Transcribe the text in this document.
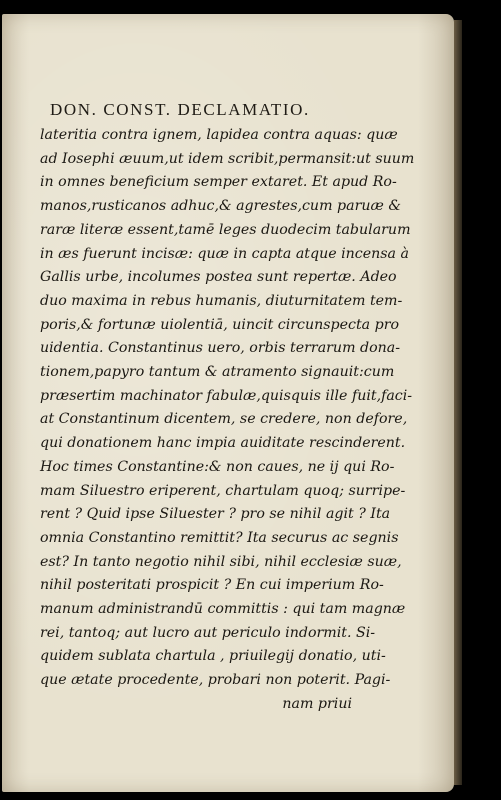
DON. CONST. DECLAMATIO.
lateritia contra ignem, lapidea contra aquas: quæ
ad Iosephi æuum,ut idem scribit,permansit:ut suum
in omnes beneficium semper extaret. Et apud Ro-
manos,rusticanos adhuc,& agrestes,cum paruæ &
raræ literæ essent,tamē leges duodecim tabularum
in æs fuerunt incisæ: quæ in capta atque incensa à
Gallis urbe, incolumes postea sunt repertæ. Adeo
duo maxima in rebus humanis, diuturnitatem tem-
poris,& fortunæ uiolentiā, uincit circunspecta pro
uidentia. Constantinus uero, orbis terrarum dona-
tionem,papyro tantum & atramento signauit:cum
præsertim machinator fabulæ,quisquis ille fuit,faci-
at Constantinum dicentem, se credere, non defore,
qui donationem hanc impia auiditate rescinderent.
Hoc times Constantine:& non caues, ne ij qui Ro-
mam Siluestro eriperent, chartulam quoq; surripe-
rent ? Quid ipse Siluester ? pro se nihil agit ? Ita
omnia Constantino remittit? Ita securus ac segnis
est? In tanto negotio nihil sibi, nihil ecclesiæ suæ,
nihil posteritati prospicit ? En cui imperium Ro-
manum administrandū committis : qui tam magnæ
rei, tantoq; aut lucro aut periculo indormit. Si-
quidem sublata chartula , priuilegij donatio, uti-
que ætate procedente, probari non poterit. Pagi-
nam priui
